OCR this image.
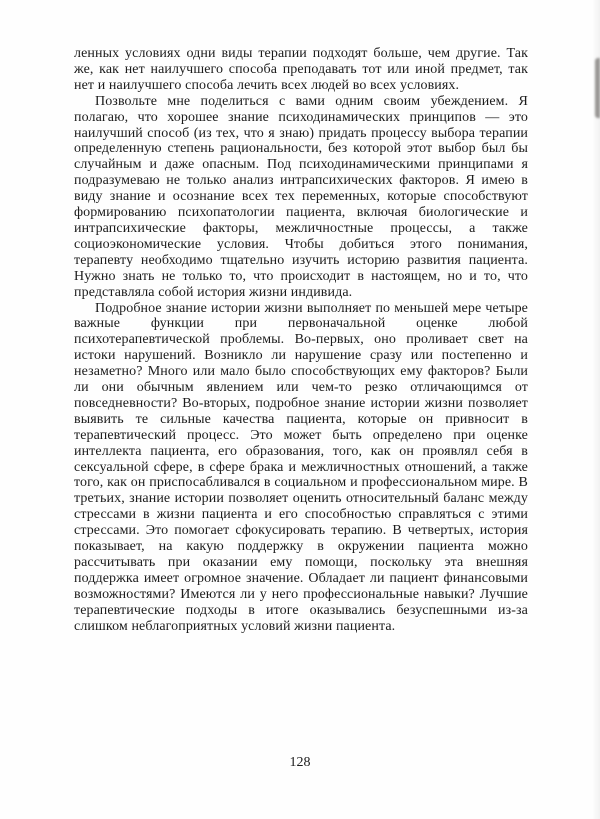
ленных условиях одни виды терапии подходят больше, чем другие. Так же, как нет наилучшего способа преподавать тот или иной предмет, так нет и наилучшего способа лечить всех людей во всех условиях.

Позвольте мне поделиться с вами одним своим убеждением. Я полагаю, что хорошее знание психодинамических принципов — это наилучший способ (из тех, что я знаю) придать процессу выбора терапии определенную степень рациональности, без которой этот выбор был бы случайным и даже опасным. Под психодинамическими принципами я подразумеваю не только анализ интрапсихических факторов. Я имею в виду знание и осознание всех тех переменных, которые способствуют формированию психопатологии пациента, включая биологические и интрапсихические факторы, межличностные процессы, а также социоэкономические условия. Чтобы добиться этого понимания, терапевту необходимо тщательно изучить историю развития пациента. Нужно знать не только то, что происходит в настоящем, но и то, что представляла собой история жизни индивида.

Подробное знание истории жизни выполняет по меньшей мере четыре важные функции при первоначальной оценке любой психотерапевтической проблемы. Во-первых, оно проливает свет на истоки нарушений. Возникло ли нарушение сразу или постепенно и незаметно? Много или мало было способствующих ему факторов? Были ли они обычным явлением или чем-то резко отличающимся от повседневности? Во-вторых, подробное знание истории жизни позволяет выявить те сильные качества пациента, которые он привносит в терапевтический процесс. Это может быть определено при оценке интеллекта пациента, его образования, того, как он проявлял себя в сексуальной сфере, в сфере брака и межличностных отношений, а также того, как он приспосабливался в социальном и профессиональном мире. В третьих, знание истории позволяет оценить относительный баланс между стрессами в жизни пациента и его способностью справляться с этими стрессами. Это помогает сфокусировать терапию. В четвертых, история показывает, на какую поддержку в окружении пациента можно рассчитывать при оказании ему помощи, поскольку эта внешняя поддержка имеет огромное значение. Обладает ли пациент финансовыми возможностями? Имеются ли у него профессиональные навыки? Лучшие терапевтические подходы в итоге оказывались безуспешными из-за слишком неблагоприятных условий жизни пациента.

128
